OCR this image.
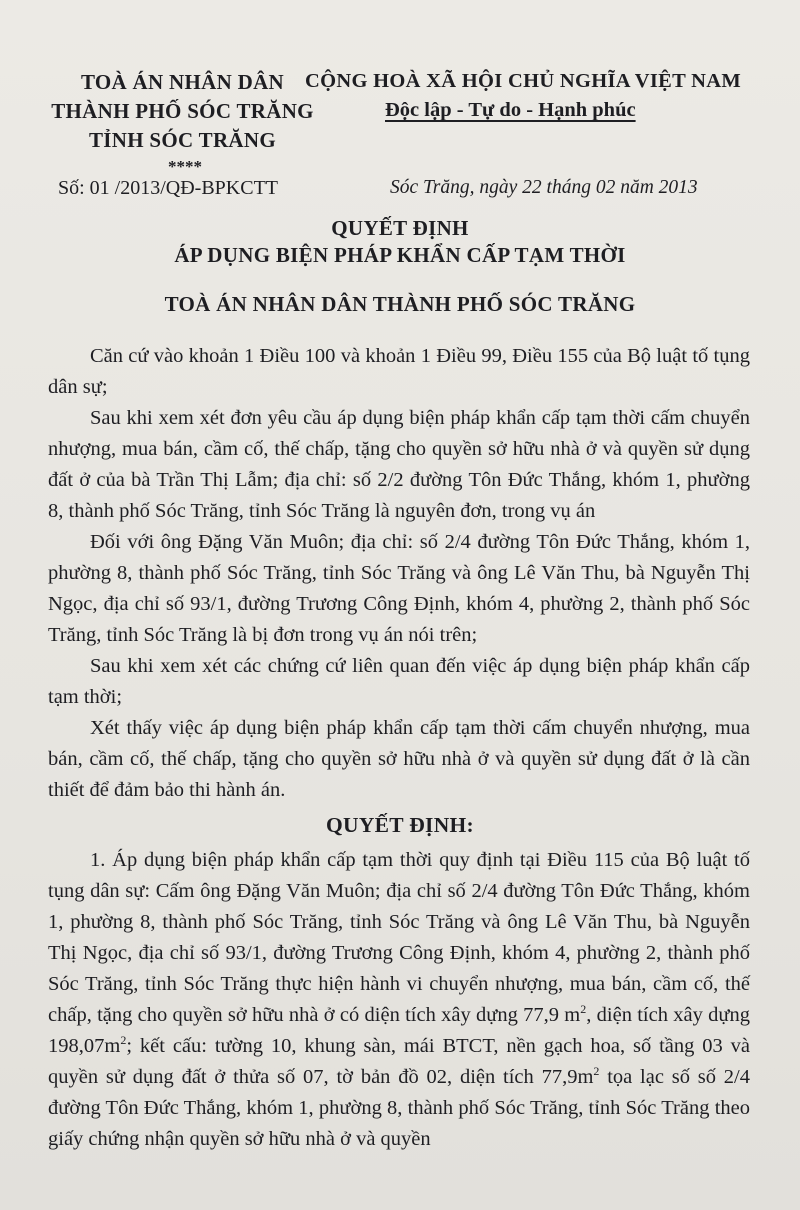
TOÀ ÁN NHÂN DÂN
THÀNH PHỐ SÓC TRĂNG
TỈNH SÓC TRĂNG
****
CỘNG HOÀ XÃ HỘI CHỦ NGHĨA VIỆT NAM
Độc lập - Tự do - Hạnh phúc
Số: 01 /2013/QĐ-BPKCTT	Sóc Trăng, ngày 22 tháng 02 năm 2013
QUYẾT ĐỊNH
ÁP DỤNG BIỆN PHÁP KHẨN CẤP TẠM THỜI
TOÀ ÁN NHÂN DÂN THÀNH PHỐ SÓC TRĂNG
Căn cứ vào khoản 1 Điều 100 và khoản 1 Điều 99, Điều 155 của Bộ luật tố tụng dân sự;
Sau khi xem xét đơn yêu cầu áp dụng biện pháp khẩn cấp tạm thời cấm chuyển nhượng, mua bán, cầm cố, thế chấp, tặng cho quyền sở hữu nhà ở và quyền sử dụng đất ở của bà Trần Thị Lẫm; địa chỉ: số 2/2 đường Tôn Đức Thắng, khóm 1, phường 8, thành phố Sóc Trăng, tỉnh Sóc Trăng là nguyên đơn, trong vụ án
Đối với ông Đặng Văn Muôn; địa chỉ: số 2/4 đường Tôn Đức Thắng, khóm 1, phường 8, thành phố Sóc Trăng, tỉnh Sóc Trăng và ông Lê Văn Thu, bà Nguyễn Thị Ngọc, địa chỉ số 93/1, đường Trương Công Định, khóm 4, phường 2, thành phố Sóc Trăng, tỉnh Sóc Trăng là bị đơn trong vụ án nói trên;
Sau khi xem xét các chứng cứ liên quan đến việc áp dụng biện pháp khẩn cấp tạm thời;
Xét thấy việc áp dụng biện pháp khẩn cấp tạm thời cấm chuyển nhượng, mua bán, cầm cố, thế chấp, tặng cho quyền sở hữu nhà ở và quyền sử dụng đất ở là cần thiết để đảm bảo thi hành án.
QUYẾT ĐỊNH:
1. Áp dụng biện pháp khẩn cấp tạm thời quy định tại Điều 115 của Bộ luật tố tụng dân sự: Cấm ông Đặng Văn Muôn; địa chỉ số 2/4 đường Tôn Đức Thắng, khóm 1, phường 8, thành phố Sóc Trăng, tỉnh Sóc Trăng và ông Lê Văn Thu, bà Nguyễn Thị Ngọc, địa chỉ số 93/1, đường Trương Công Định, khóm 4, phường 2, thành phố Sóc Trăng, tỉnh Sóc Trăng thực hiện hành vi chuyển nhượng, mua bán, cầm cố, thế chấp, tặng cho quyền sở hữu nhà ở có diện tích xây dựng 77,9 $m^2$, diện tích xây dựng $198,07m^2$; kết cấu: tường 10, khung sàn, mái BTCT, nền gạch hoa, số tầng 03 và quyền sử dụng đất ở thửa số 07, tờ bản đồ 02, diện tích $77,9m^2$ tọa lạc số số 2/4 đường Tôn Đức Thắng, khóm 1, phường 8, thành phố Sóc Trăng, tỉnh Sóc Trăng theo giấy chứng nhận quyền sở hữu nhà ở và quyền
